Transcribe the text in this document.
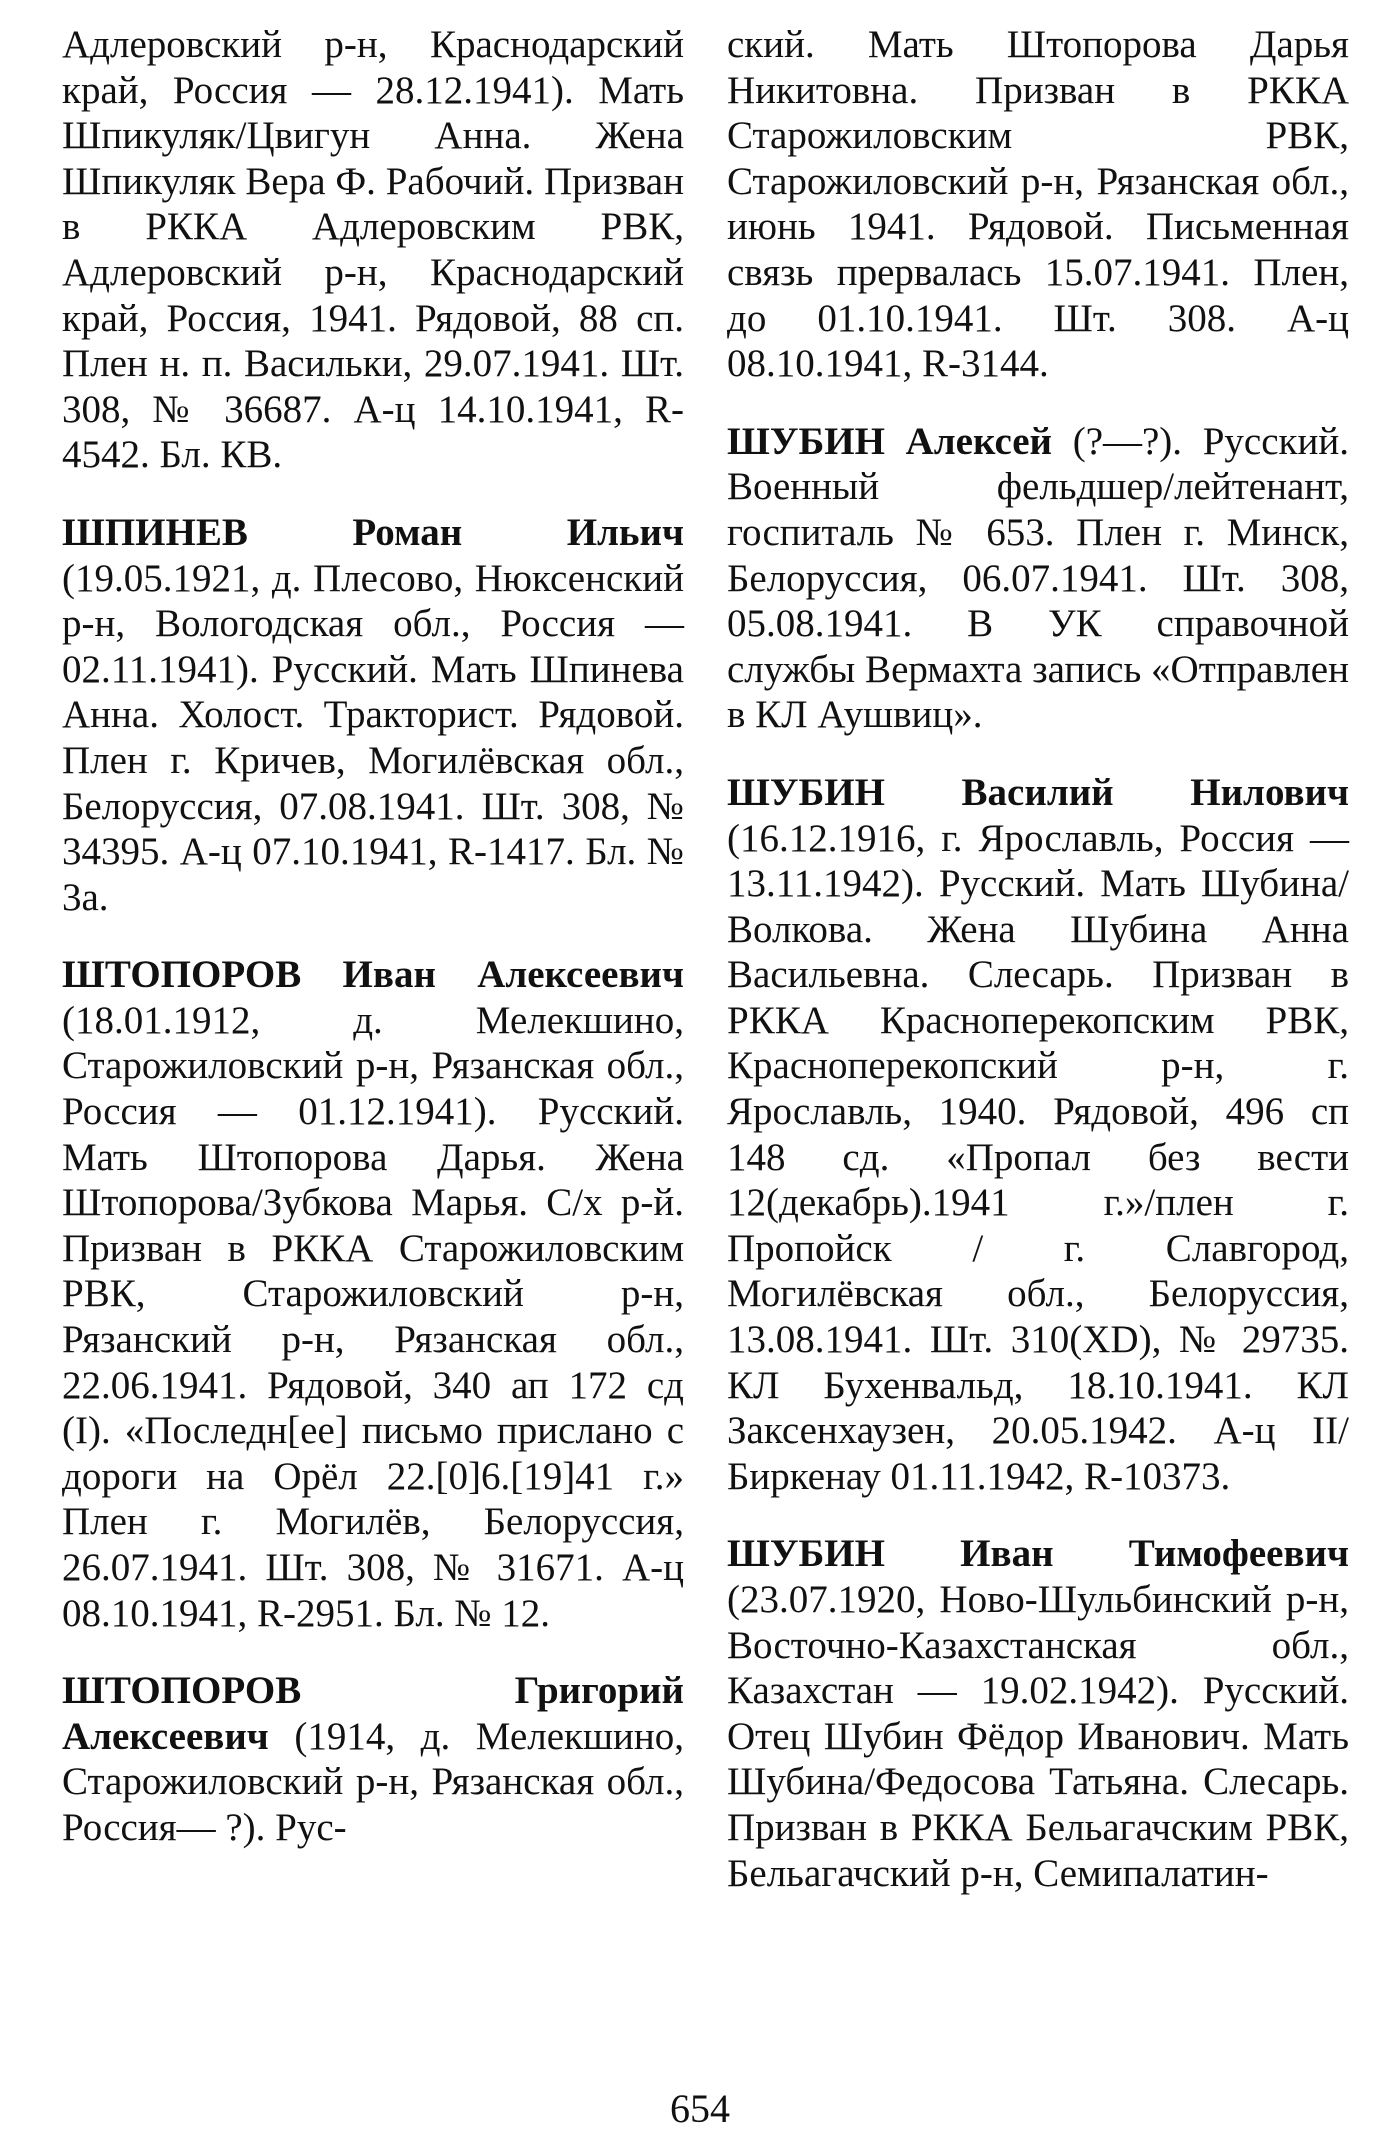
Адлеровский р-н, Краснодарский край, Россия — 28.12.1941). Мать Шпикуляк/Цвигун Анна. Жена Шпикуляк Вера Ф. Рабочий. Призван в РККА Адлеровским РВК, Адлеровский р-н, Краснодарский край, Россия, 1941. Рядовой, 88 сп. Плен н. п. Васильки, 29.07.1941. Шт. 308, № 36687. А-ц 14.10.1941, R-4542. Бл. КВ.

ШПИНЕВ Роман Ильич (19.05.1921, д. Плесово, Нюксенский р-н, Вологодская обл., Россия — 02.11.1941). Русский. Мать Шпинева Анна. Холост. Тракторист. Рядовой. Плен г. Кричев, Могилёвская обл., Белоруссия, 07.08.1941. Шт. 308, № 34395. А-ц 07.10.1941, R-1417. Бл. № 3а.

ШТОПОРОВ Иван Алексеевич (18.01.1912, д. Мелекшино, Старожиловский р-н, Рязанская обл., Россия — 01.12.1941). Русский. Мать Штопорова Дарья. Жена Штопорова/Зубкова Марья. С/х р-й. Призван в РККА Старожиловским РВК, Старожиловский р-н, Рязанский р-н, Рязанская обл., 22.06.1941. Рядовой, 340 ап 172 сд (I). «Последн[ее] письмо прислано с дороги на Орёл 22.[0]6.[19]41 г.» Плен г. Могилёв, Белоруссия, 26.07.1941. Шт. 308, № 31671. А-ц 08.10.1941, R-2951. Бл. № 12.

ШТОПОРОВ Григорий Алексеевич (1914, д. Мелекшино, Старожиловский р-н, Рязанская обл., Россия— ?). Рус-

ский. Мать Штопорова Дарья Никитовна. Призван в РККА Старожиловским РВК, Старожиловский р-н, Рязанская обл., июнь 1941. Рядовой. Письменная связь прервалась 15.07.1941. Плен, до 01.10.1941. Шт. 308. А-ц 08.10.1941, R-3144.

ШУБИН Алексей (?—?). Русский. Военный фельдшер/лейтенант, госпиталь № 653. Плен г. Минск, Белоруссия, 06.07.1941. Шт. 308, 05.08.1941. В УК справочной службы Вермахта запись «Отправлен в КЛ Аушвиц».

ШУБИН Василий Нилович (16.12.1916, г. Ярославль, Россия — 13.11.1942). Русский. Мать Шубина/Волкова. Жена Шубина Анна Васильевна. Слесарь. Призван в РККА Краснoперекопским РВК, Красноперекопский р-н, г. Ярославль, 1940. Рядовой, 496 сп 148 сд. «Пропал без вести 12(декабрь).1941 г.»/плен г. Пропойск / г. Славгород, Могилёвская обл., Белоруссия, 13.08.1941. Шт. 310(XD), № 29735. КЛ Бухенвальд, 18.10.1941. КЛ Заксенхаузен, 20.05.1942. А-ц II/Биркенау 01.11.1942, R-10373.

ШУБИН Иван Тимофеевич (23.07.1920, Ново-Шульбинский р-н, Восточно-Казахстанская обл., Казахстан — 19.02.1942). Русский. Отец Шубин Фёдор Иванович. Мать Шубина/Федосова Татьяна. Слесарь. Призван в РККА Бельагачским РВК, Бельагачский р-н, Семипалатин-

654
